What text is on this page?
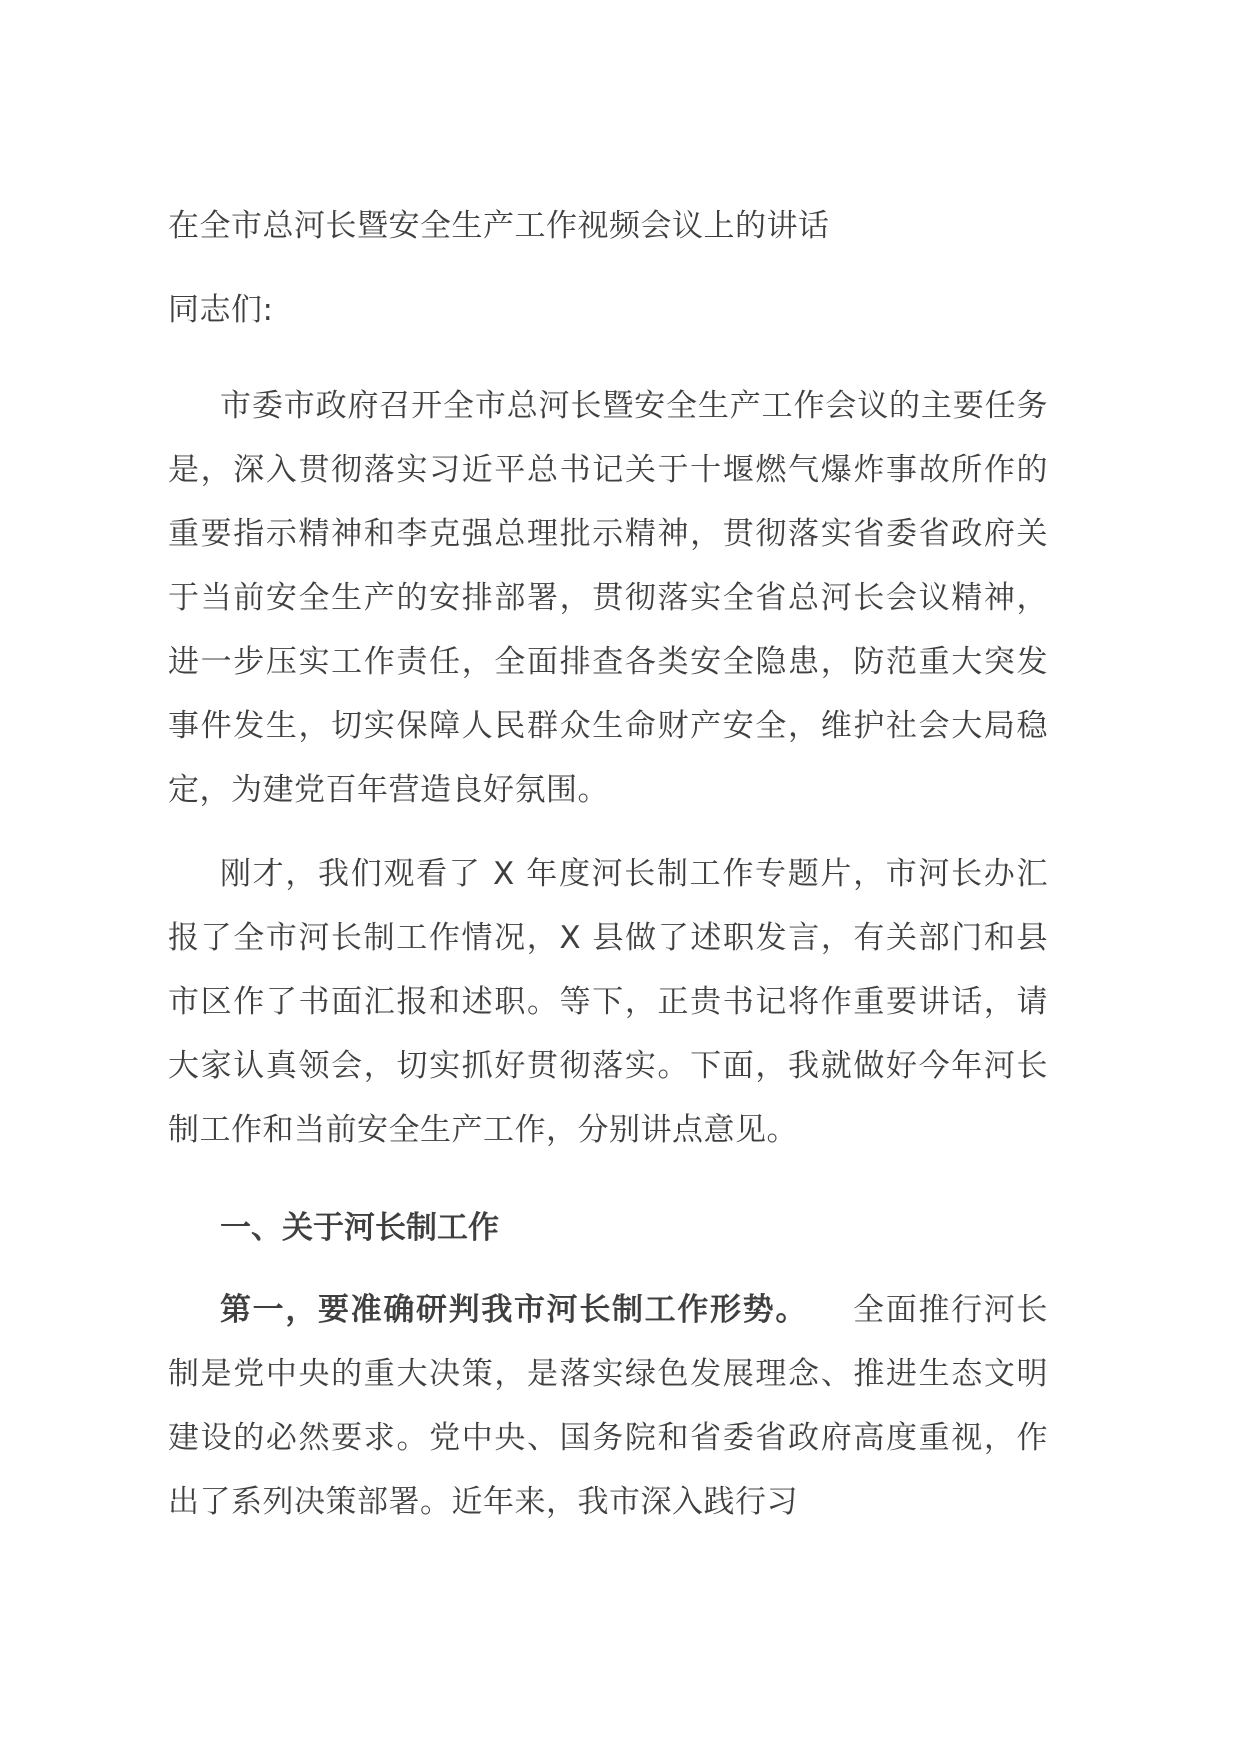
在全市总河长暨安全生产工作视频会议上的讲话
同志们:
市委市政府召开全市总河长暨安全生产工作会议的主要任务是，深入贯彻落实习近平总书记关于十堰燃气爆炸事故所作的重要指示精神和李克强总理批示精神，贯彻落实省委省政府关于当前安全生产的安排部署，贯彻落实全省总河长会议精神，进一步压实工作责任，全面排查各类安全隐患，防范重大突发事件发生，切实保障人民群众生命财产安全，维护社会大局稳定，为建党百年营造良好氛围。
刚才，我们观看了 X 年度河长制工作专题片，市河长办汇报了全市河长制工作情况，X 县做了述职发言，有关部门和县市区作了书面汇报和述职。等下，正贵书记将作重要讲话，请大家认真领会，切实抓好贯彻落实。下面，我就做好今年河长制工作和当前安全生产工作，分别讲点意见。
一、关于河长制工作
第一，要准确研判我市河长制工作形势。 全面推行河长制是党中央的重大决策，是落实绿色发展理念、推进生态文明建设的必然要求。党中央、国务院和省委省政府高度重视，作出了系列决策部署。近年来，我市深入践行习
